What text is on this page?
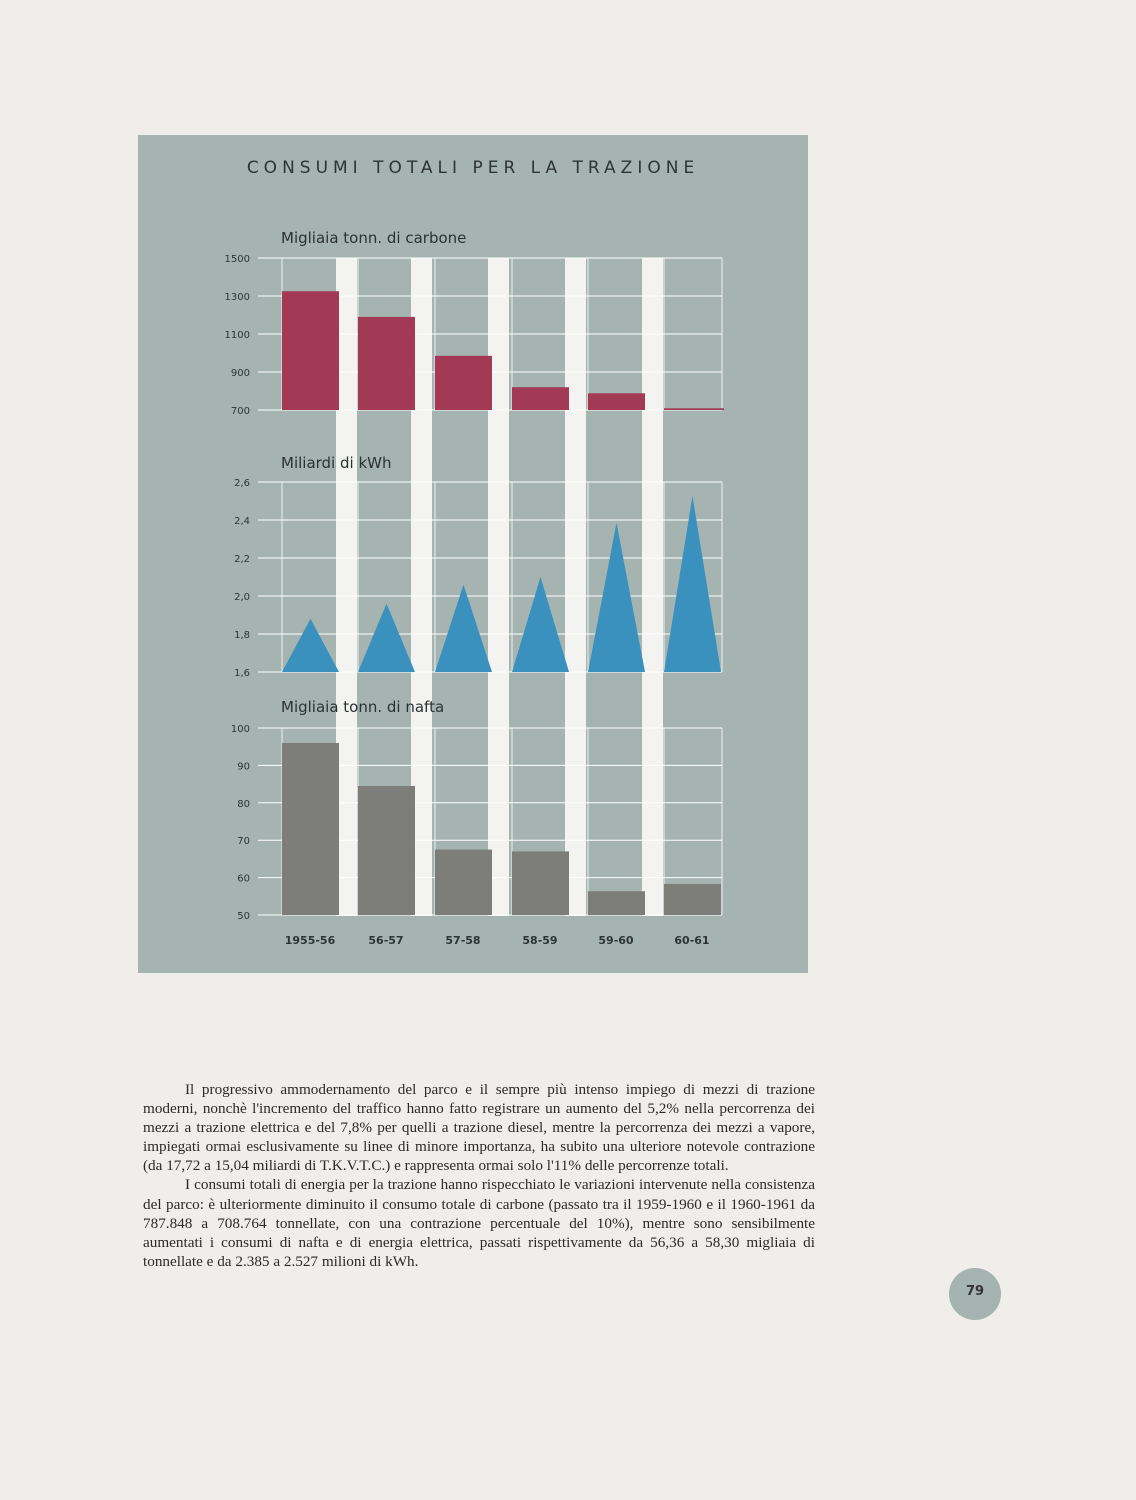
CONSUMI TOTALI PER LA TRAZIONE
1500
1300
1100
900
700
Migliaia tonn. di carbone
2,6
2,4
2,2
2,0
1,8
1,6
Miliardi di kWh
100
90
80
70
60
50
Migliaia tonn. di nafta
1955-56	56-57	57-58	58-59	59-60	60-61

Il progressivo ammodernamento del parco e il sempre più intenso impiego di mezzi di trazione moderni, nonchè l'incremento del traffico hanno fatto registrare un aumento del 5,2% nella percorrenza dei mezzi a trazione elettrica e del 7,8% per quelli a trazione diesel, mentre la percorrenza dei mezzi a vapore, impiegati ormai esclusivamente su linee di minore importanza, ha subito una ulteriore notevole contrazione (da 17,72 a 15,04 miliardi di T.K.V.T.C.) e rappresenta ormai solo l'11% delle percorrenze totali.

I consumi totali di energia per la trazione hanno rispecchiato le variazioni intervenute nella consistenza del parco: è ulteriormente diminuito il consumo totale di carbone (passato tra il 1959-1960 e il 1960-1961 da 787.848 a 708.764 tonnellate, con una contrazione percentuale del 10%), mentre sono sensibilmente aumentati i consumi di nafta e di energia elettrica, passati rispettivamente da 56,36 a 58,30 migliaia di tonnellate e da 2.385 a 2.527 milioni di kWh.

79
